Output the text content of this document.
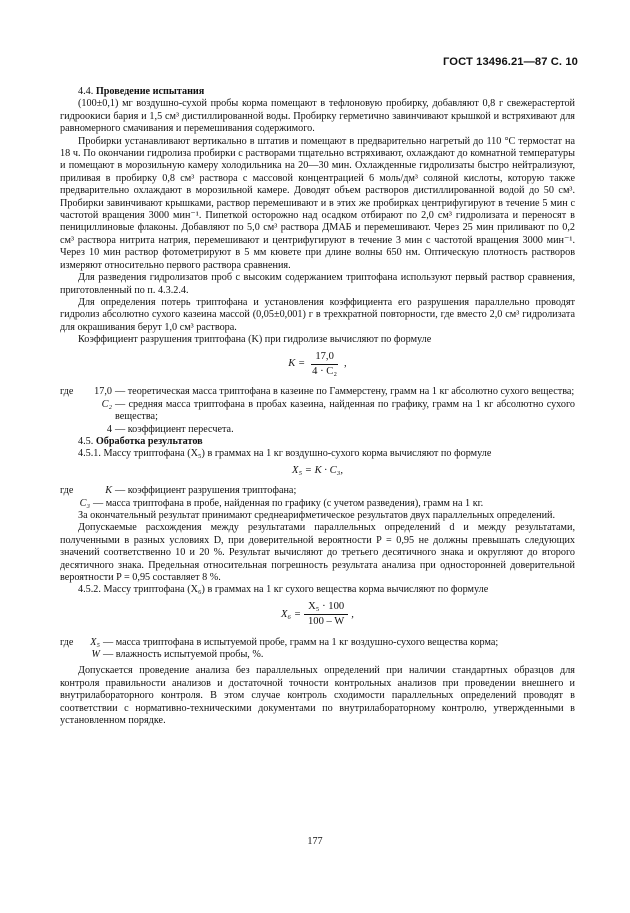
ГОСТ 13496.21—87 С. 10

4.4. Проведение испытания

(100±0,1) мг воздушно-сухой пробы корма помещают в тефлоновую пробирку, добавляют 0,8 г свежерастертой гидроокиси бария и 1,5 см³ дистиллированной воды. Пробирку герметично завинчивают крышкой и встряхивают для равномерного смачивания и перемешивания содержимого.

Пробирки устанавливают вертикально в штатив и помещают в предварительно нагретый до 110 °С термостат на 18 ч. По окончании гидролиза пробирки с растворами тщательно встряхивают, охлаждают до комнатной температуры и помещают в морозильную камеру холодильника на 20—30 мин. Охлажденные гидролизаты быстро нейтрализуют, приливая в пробирку 0,8 см³ раствора с массовой концентрацией 6 моль/дм³ соляной кислоты, которую также предварительно охлаждают в морозильной камере. Доводят объем растворов дистиллированной водой до 50 см³. Пробирки завинчивают крышками, раствор перемешивают и в этих же пробирках центрифугируют в течение 5 мин с частотой вращения 3000 мин⁻¹. Пипеткой осторожно над осадком отбирают по 2,0 см³ гидролизата и переносят в пенициллиновые флаконы. Добавляют по 5,0 см³ раствора ДМАБ и перемешивают. Через 25 мин приливают по 0,2 см³ раствора нитрита натрия, перемешивают и центрифугируют в течение 3 мин с частотой вращения 3000 мин⁻¹. Через 10 мин раствор фотометрируют в 5 мм кювете при длине волны 650 нм. Оптическую плотность растворов измеряют относительно первого раствора сравнения.

Для разведения гидролизатов проб с высоким содержанием триптофана используют первый раствор сравнения, приготовленный по п. 4.3.2.4.

Для определения потерь триптофана и установления коэффициента его разрушения параллельно проводят гидролиз абсолютно сухого казеина массой (0,05±0,001) г в трехкратной повторности, где вместо 2,0 см³ гидролизата для окрашивания берут 1,0 см³ раствора.

Коэффициент разрушения триптофана (K) при гидролизе вычисляют по формуле

$K = \frac{17,0}{\text{4 · C₂}}$ ,
где	17,0 — теоретическая масса триптофана в казеине по Гаммерстену, грамм на 1 кг абсолютно сухого вещества;
C₂ — средняя масса триптофана в пробах казеина, найденная по графику, грамм на 1 кг абсолютно сухого вещества;
4 — коэффициент пересчета.

4.5. Обработка результатов

4.5.1. Массу триптофана (X₅) в граммах на 1 кг воздушно-сухого корма вычисляют по формуле

X₅ = K · C₃,
где	K — коэффициент разрушения триптофана;
C₃ — масса триптофана в пробе, найденная по графику (с учетом разведения), грамм на 1 кг.

За окончательный результат принимают среднеарифметическое результатов двух параллельных определений.

Допускаемые расхождения между результатами параллельных определений d и между результатами, полученными в разных условиях D, при доверительной вероятности P = 0,95 не должны превышать следующих значений соответственно 10 и 20 %. Результат вычисляют до третьего десятичного знака и округляют до второго десятичного знака. Предельная относительная погрешность результата анализа при односторонней доверительной вероятности P = 0,95 составляет 8 %.

4.5.2. Массу триптофана (X₆) в граммах на 1 кг сухого вещества корма вычисляют по формуле

$X_6 = \frac{\text{X₅ · 100}}{100 - W}$ ,
где	X₅ — масса триптофана в испытуемой пробе, грамм на 1 кг воздушно-сухого вещества корма;
W — влажность испытуемой пробы, %.

Допускается проведение анализа без параллельных определений при наличии стандартных образцов для контроля правильности анализов и достаточной точности контрольных анализов при проведении внешнего и внутрилабораторного контроля. В этом случае контроль сходимости параллельных определений проводят в соответствии с нормативно-техническими документами по внутрилабораторному контролю, утвержденными в установленном порядке.

177
